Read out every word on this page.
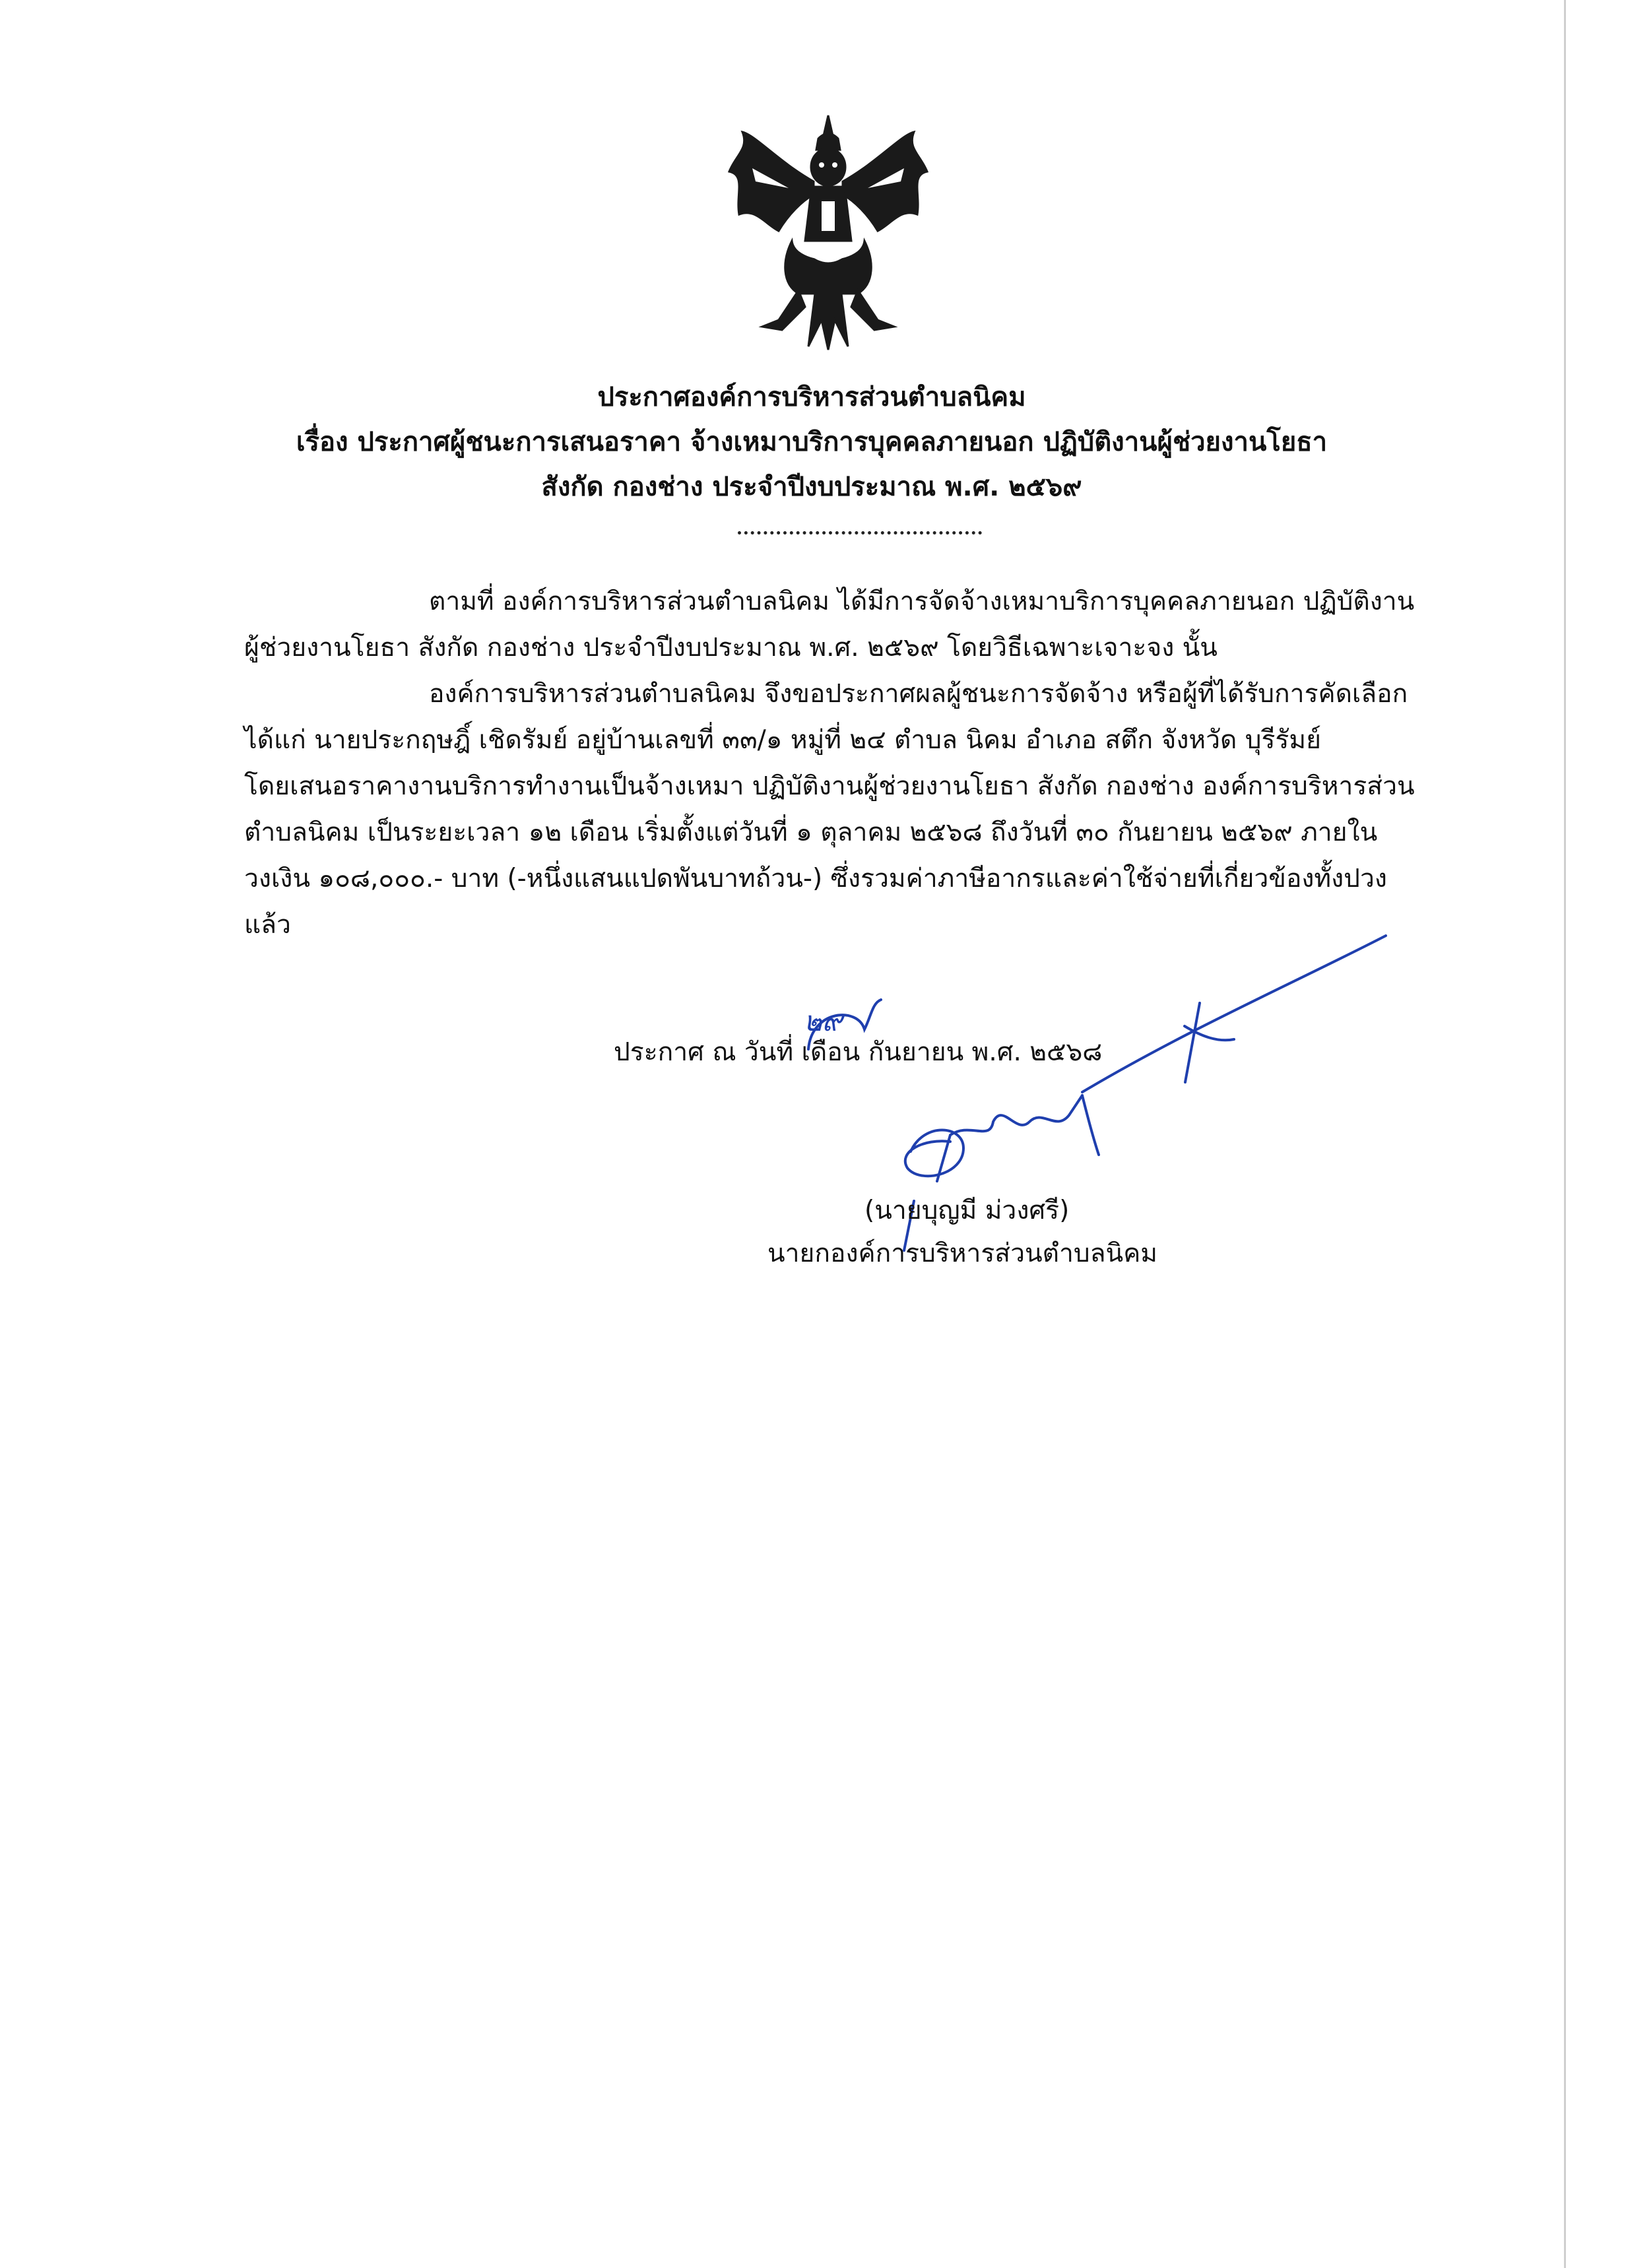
ประกาศองค์การบริหารส่วนตำบลนิคม
เรื่อง ประกาศผู้ชนะการเสนอราคา จ้างเหมาบริการบุคคลภายนอก ปฏิบัติงานผู้ช่วยงานโยธา
สังกัด กองช่าง ประจำปีงบประมาณ พ.ศ. ๒๕๖๙
ตามที่ องค์การบริหารส่วนตำบลนิคม ได้มีการจัดจ้างเหมาบริการบุคคลภายนอก ปฏิบัติงาน
ผู้ช่วยงานโยธา สังกัด กองช่าง ประจำปีงบประมาณ พ.ศ. ๒๕๖๙ โดยวิธีเฉพาะเจาะจง นั้น
องค์การบริหารส่วนตำบลนิคม จึงขอประกาศผลผู้ชนะการจัดจ้าง หรือผู้ที่ได้รับการคัดเลือก
ได้แก่ นายประกฤษฎิ์ เชิดรัมย์ อยู่บ้านเลขที่ ๓๓/๑ หมู่ที่ ๒๔ ตำบล นิคม อำเภอ สตึก จังหวัด บุรีรัมย์
โดยเสนอราคางานบริการทำงานเป็นจ้างเหมา ปฏิบัติงานผู้ช่วยงานโยธา สังกัด กองช่าง องค์การบริหารส่วน
ตำบลนิคม เป็นระยะเวลา ๑๒ เดือน เริ่มตั้งแต่วันที่ ๑ ตุลาคม ๒๕๖๘ ถึงวันที่ ๓๐ กันยายน ๒๕๖๙ ภายใน
วงเงิน ๑๐๘,๐๐๐.- บาท (-หนึ่งแสนแปดพันบาทถ้วน-) ซึ่งรวมค่าภาษีอากรและค่าใช้จ่ายที่เกี่ยวข้องทั้งปวง
แล้ว
ประกาศ ณ วันที่ เดือน กันยายน พ.ศ. ๒๕๖๘
๒๙
(นายบุญมี ม่วงศรี)
นายกองค์การบริหารส่วนตำบลนิคม
